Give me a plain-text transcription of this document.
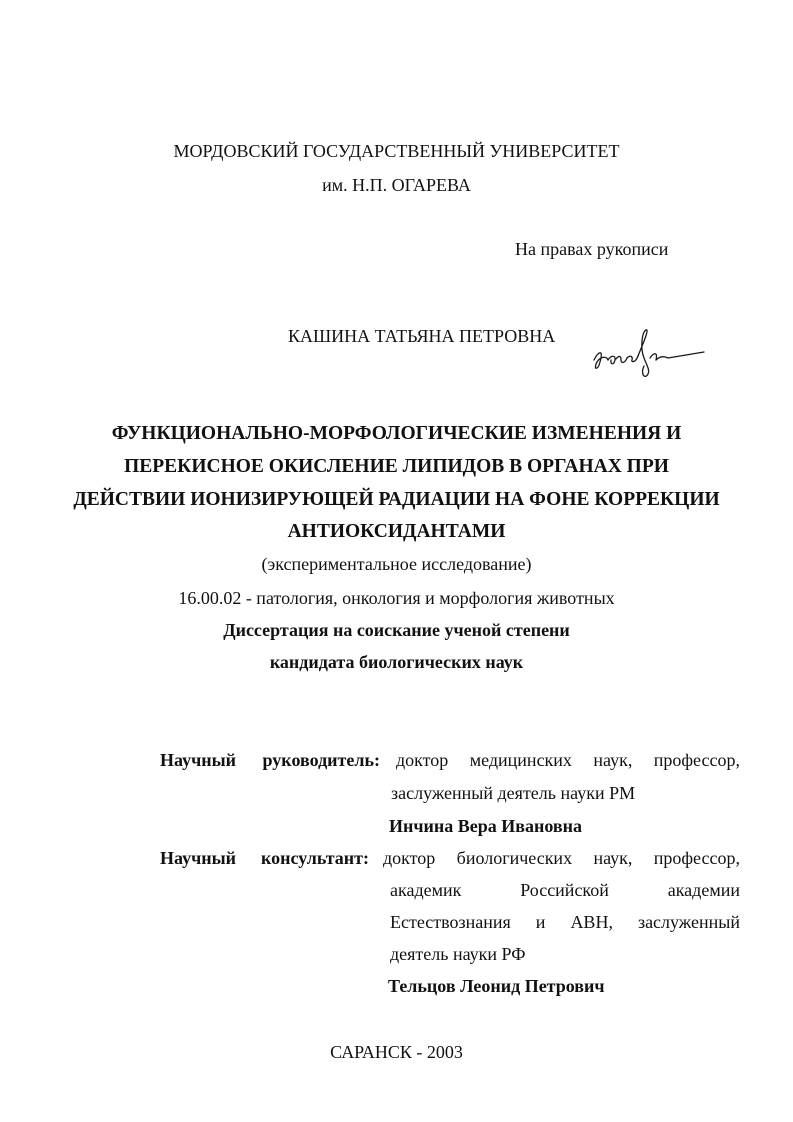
МОРДОВСКИЙ ГОСУДАРСТВЕННЫЙ УНИВЕРСИТЕТ
им. Н.П. ОГАРЕВА
На правах рукописи
КАШИНА ТАТЬЯНА ПЕТРОВНА
ФУНКЦИОНАЛЬНО-МОРФОЛОГИЧЕСКИЕ ИЗМЕНЕНИЯ И
ПЕРЕКИСНОЕ ОКИСЛЕНИЕ ЛИПИДОВ В ОРГАНАХ ПРИ
ДЕЙСТВИИ ИОНИЗИРУЮЩЕЙ РАДИАЦИИ НА ФОНЕ КОРРЕКЦИИ
АНТИОКСИДАНТАМИ
(экспериментальное исследование)
16.00.02 - патология, онкология и морфология животных
Диссертация на соискание ученой степени
кандидата биологических наук
Научный руководитель: доктор медицинских наук, профессор,
заслуженный деятель науки РМ
Инчина Вера Ивановна
Научный консультант: доктор биологических наук, профессор,
академик	Российской	академии
Естествознания и АВН, заслуженный
деятель науки РФ
Тельцов Леонид Петрович
САРАНСК - 2003
